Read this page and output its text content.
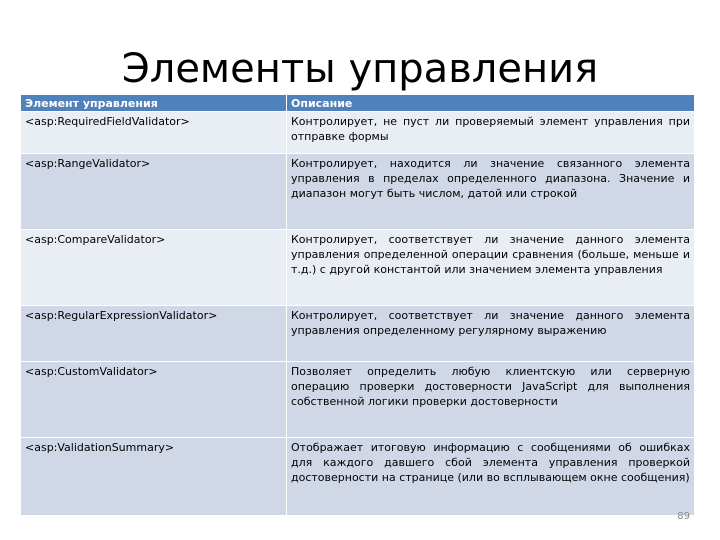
Элементы управления
Элемент управления	Описание
<asp:RequiredFieldValidator>	Контролирует, не пуст ли проверяемый элемент управления при отправке формы
<asp:RangeValidator>	Контролирует, находится ли значение связанного элемента управления в пределах определенного диапазона. Значение и диапазон могут быть числом, датой или строкой
<asp:CompareValidator>	Контролирует, соответствует ли значение данного элемента управления определенной операции сравнения (больше, меньше и т.д.) с другой константой или значением элемента управления
<asp:RegularExpressionValidator>	Контролирует, соответствует ли значение данного элемента управления определенному регулярному выражению
<asp:CustomValidator>	Позволяет определить любую клиентскую или серверную операцию проверки достоверности JavaScript для выполнения собственной логики проверки достоверности
<asp:ValidationSummary>	Отображает итоговую информацию с сообщениями об ошибках для каждого давшего сбой элемента управления проверкой достоверности на странице (или во всплывающем окне сообщения)
89
